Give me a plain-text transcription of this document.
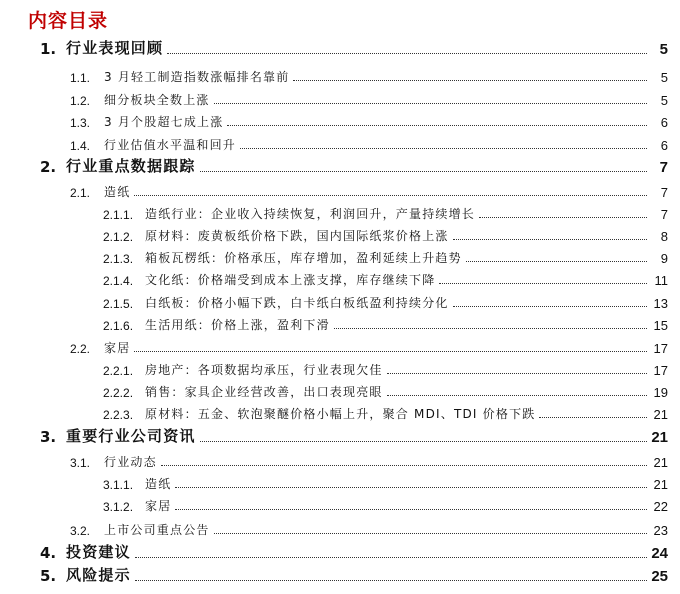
内容目录
1. 行业表现回顾	5
1.1.	3 月轻工制造指数涨幅排名靠前	5
1.2.	细分板块全数上涨	5
1.3.	3 月个股超七成上涨	6
1.4.	行业估值水平温和回升	6
2. 行业重点数据跟踪	7
2.1.	造纸	7
2.1.1. 造纸行业：企业收入持续恢复，利润回升，产量持续增长	7
2.1.2. 原材料：废黄板纸价格下跌，国内国际纸浆价格上涨	8
2.1.3. 箱板瓦楞纸：价格承压，库存增加，盈利延续上升趋势	9
2.1.4. 文化纸：价格端受到成本上涨支撑，库存继续下降	11
2.1.5. 白纸板：价格小幅下跌，白卡纸白板纸盈利持续分化	13
2.1.6. 生活用纸：价格上涨，盈利下滑	15
2.2.	家居	17
2.2.1. 房地产：各项数据均承压，行业表现欠佳	17
2.2.2. 销售：家具企业经营改善，出口表现亮眼	19
2.2.3. 原材料：五金、软泡聚醚价格小幅上升，聚合 MDI、TDI 价格下跌	21
3. 重要行业公司资讯	21
3.1.	行业动态	21
3.1.1. 造纸	21
3.1.2. 家居	22
3.2.	上市公司重点公告	23
4. 投资建议	24
5. 风险提示	25
